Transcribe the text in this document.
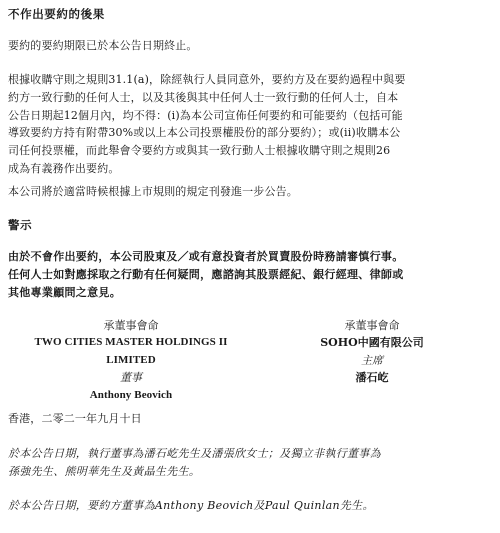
不作出要約的後果
要約的要約期限已於本公告日期終止。
根據收購守則之規則31.1(a)，除經執行人員同意外，要約方及在要約過程中與要
約方一致行動的任何人士，以及其後與其中任何人士一致行動的任何人士，自本
公告日期起12個月內，均不得：(i)為本公司宣佈任何要約和可能要約（包括可能
導致要約方持有附帶30%或以上本公司投票權股份的部分要約）；或(ii)收購本公
司任何投票權，而此舉會令要約方或與其一致行動人士根據收購守則之規則26
成為有義務作出要約。
本公司將於適當時候根據上市規則的規定刊發進一步公告。
警示
由於不會作出要約，本公司股東及／或有意投資者於買賣股份時務請審慎行事。
任何人士如對應採取之行動有任何疑問，應諮詢其股票經紀、銀行經理、律師或
其他專業顧問之意見。
承董事會命
TWO CITIES MASTER HOLDINGS II
LIMITED
董事
Anthony Beovich
承董事會命
SOHO中國有限公司
主席
潘石屹
香港，二零二一年九月十日
於本公告日期，執行董事為潘石屹先生及潘張欣女士；及獨立非執行董事為
孫強先生、熊明華先生及黃晶生先生。
於本公告日期，要約方董事為Anthony Beovich及Paul Quinlan先生。
